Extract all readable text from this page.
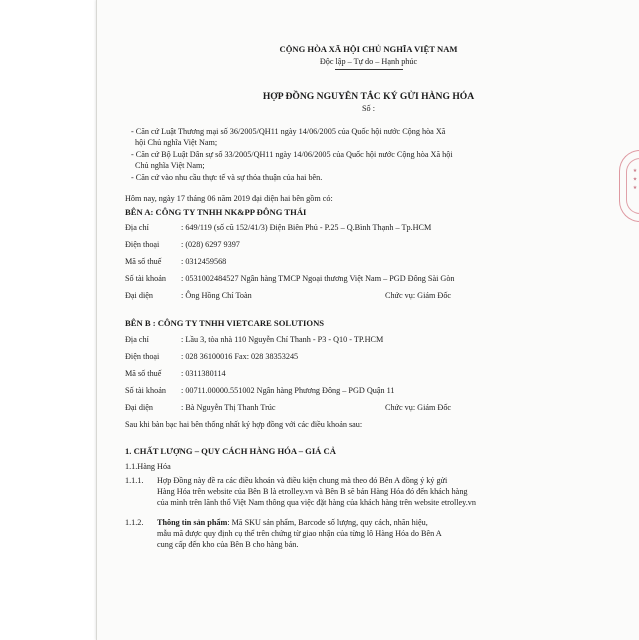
CỘNG HÒA XÃ HỘI CHỦ NGHĨA VIỆT NAM
Độc lập – Tự do – Hạnh phúc
HỢP ĐỒNG NGUYÊN TẮC KÝ GỬI HÀNG HÓA
Số :
- Căn cứ Luật Thương mại số 36/2005/QH11 ngày 14/06/2005 của Quốc hội nước Cộng hòa Xã
hội Chủ nghĩa Việt Nam;
- Căn cứ Bộ Luật Dân sự số 33/2005/QH11 ngày 14/06/2005 của Quốc hội nước Cộng hòa Xã hội
Chủ nghĩa Việt Nam;
- Căn cứ vào nhu cầu thực tế và sự thỏa thuận của hai bên.
Hôm nay, ngày 17 tháng 06 năm 2019 đại diện hai bên gồm có:
BÊN A: CÔNG TY TNHH NK&PP ĐÔNG THÁI
Địa chỉ	: 649/119 (số cũ 152/41/3) Điện Biên Phủ - P.25 – Q.Bình Thạnh – Tp.HCM
Điện thoại	: (028) 6297 9397
Mã số thuế : 0312459568
Số tài khoản : 0531002484527 Ngân hàng TMCP Ngoại thương Việt Nam – PGD Đông Sài Gòn
Đại diện	: Ông Hồng Chí Toàn	Chức vụ: Giám Đốc
BÊN B : CÔNG TY TNHH VIETCARE SOLUTIONS
Địa chỉ	: Lầu 3, tòa nhà 110 Nguyễn Chí Thanh - P3 - Q10 - TP.HCM
Điện thoại	: 028 36100016 Fax: 028 38353245
Mã số thuế : 0311380114
Số tài khoản : 00711.00000.551002 Ngân hàng Phương Đông – PGD Quận 11
Đại diện	: Bà Nguyễn Thị Thanh Trúc	Chức vụ: Giám Đốc
Sau khi bàn bạc hai bên thống nhất ký hợp đồng với các điều khoản sau:
1. CHẤT LƯỢNG – QUY CÁCH HÀNG HÓA – GIÁ CẢ
1.1.Hàng Hóa
1.1.1. Hợp Đồng này đề ra các điều khoản và điều kiện chung mà theo đó Bên A đồng ý ký gửi
Hàng Hóa trên website của Bên B là etrolley.vn và Bên B sẽ bán Hàng Hóa đó đến khách hàng
của mình trên lãnh thổ Việt Nam thông qua việc đặt hàng của khách hàng trên website etrolley.vn
1.1.2. Thông tin sản phẩm: Mã SKU sản phẩm, Barcode số lượng, quy cách, nhãn hiệu,
mẫu mã được quy định cụ thể trên chứng từ giao nhận của từng lô Hàng Hóa do Bên A
cung cấp đến kho của Bên B cho hàng bán.
★ ★ ★
